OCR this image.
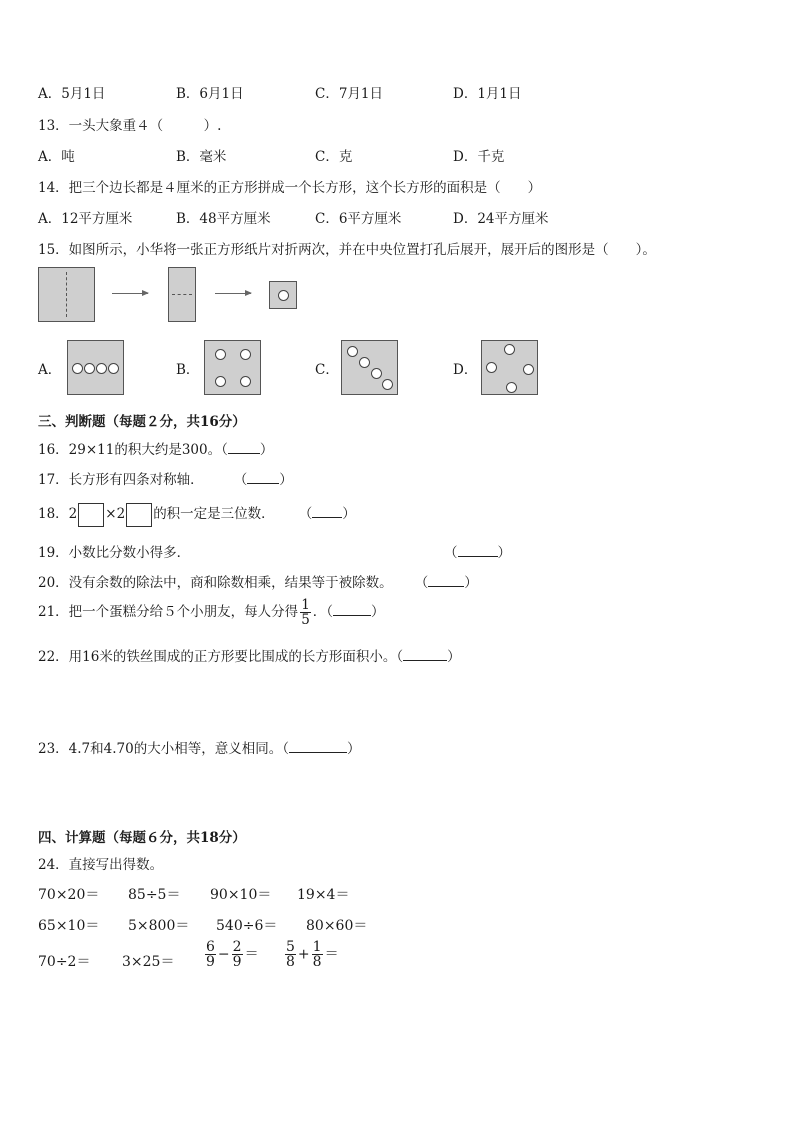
A．5月1日	B．6月1日	C．7月1日	D．1月1日
13．一头大象重４（　　　）.
A．吨	B．毫米	C．克	D．千克
14．把三个边长都是４厘米的正方形拼成一个长方形，这个长方形的面积是（　　）
A．12平方厘米	B．48平方厘米	C．6平方厘米	D．24平方厘米
15．如图所示，小华将一张正方形纸片对折两次，并在中央位置打孔后展开，展开后的图形是（　　）。
A．	B．	C．	D．
三、判断题（每题２分，共16分）
16．29×11的积大约是300。（ ）
17．长方形有四条对称轴． （ ）
18．2 ×2 的积一定是三位数． （ ）
19．小数比分数小得多．	（	）
20．没有余数的除法中，商和除数相乘，结果等于被除数。 （	）
21．把一个蛋糕分给５个小朋友，每人分得 $\frac{1}{5}$ ．（	）
22．用16米的铁丝围成的正方形要比围成的长方形面积小。（	）
23．4.7和4.70的大小相等，意义相同。（	）
四、计算题（每题６分，共18分）
24．直接写出得数。
70×20＝ 85÷5＝ 90×10＝ 19×4＝
65×10＝ 5×800＝ 540÷6＝ 80×60＝
$70\div 2= 3\times 25= \frac{6}{9} - \frac{2}{9} = \frac{5}{8} + \frac{1}{8}$ ＝
